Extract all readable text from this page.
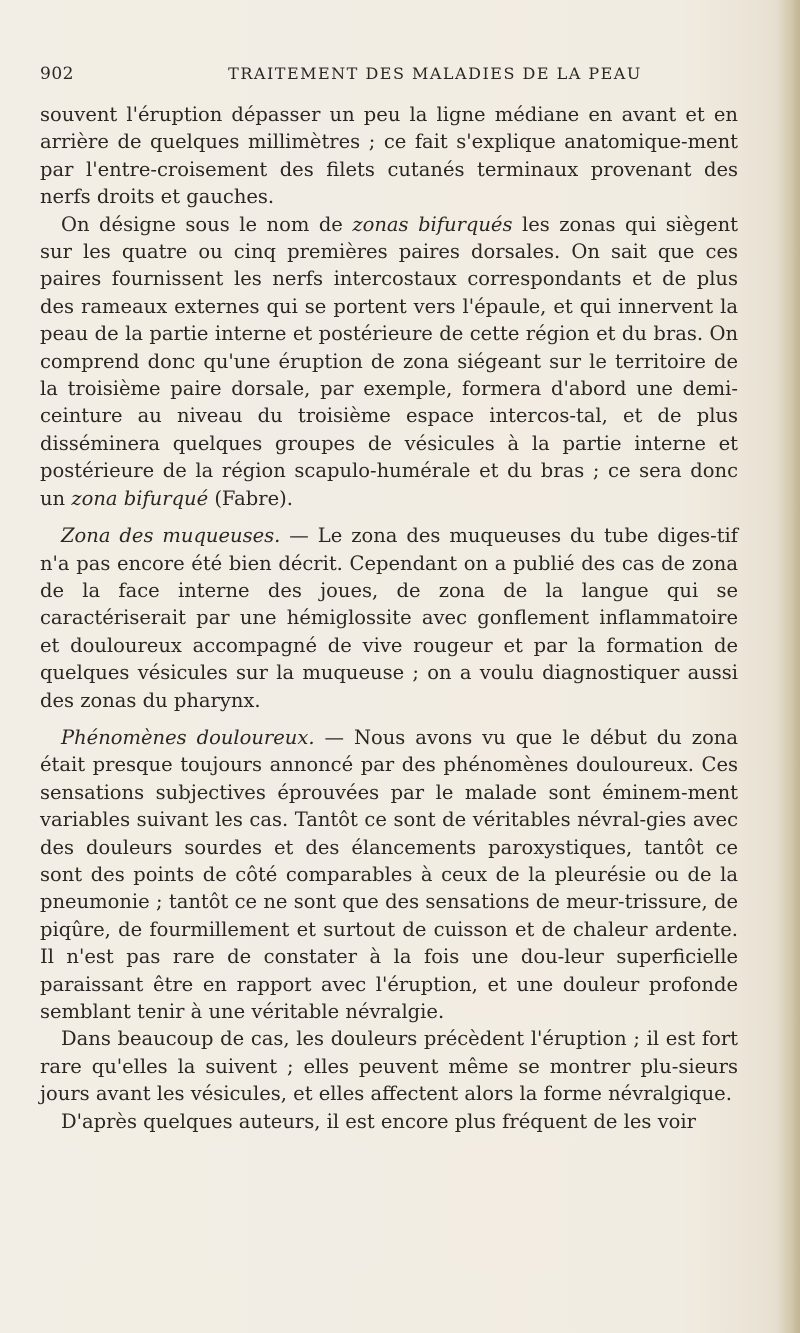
902	TRAITEMENT DES MALADIES DE LA PEAU

souvent l'éruption dépasser un peu la ligne médiane en avant et en arrière de quelques millimètres ; ce fait s'explique anatomique-ment par l'entre-croisement des filets cutanés terminaux provenant des nerfs droits et gauches.

On désigne sous le nom de zonas bifurqués les zonas qui siègent sur les quatre ou cinq premières paires dorsales. On sait que ces paires fournissent les nerfs intercostaux correspondants et de plus des rameaux externes qui se portent vers l'épaule, et qui innervent la peau de la partie interne et postérieure de cette région et du bras. On comprend donc qu'une éruption de zona siégeant sur le territoire de la troisième paire dorsale, par exemple, formera d'abord une demi-ceinture au niveau du troisième espace intercos-tal, et de plus disséminera quelques groupes de vésicules à la partie interne et postérieure de la région scapulo-humérale et du bras ; ce sera donc un zona bifurqué (Fabre).

Zona des muqueuses. — Le zona des muqueuses du tube diges-tif n'a pas encore été bien décrit. Cependant on a publié des cas de zona de la face interne des joues, de zona de la langue qui se caractériserait par une hémiglossite avec gonflement inflammatoire et douloureux accompagné de vive rougeur et par la formation de quelques vésicules sur la muqueuse ; on a voulu diagnostiquer aussi des zonas du pharynx.

Phénomènes douloureux. — Nous avons vu que le début du zona était presque toujours annoncé par des phénomènes douloureux. Ces sensations subjectives éprouvées par le malade sont éminem-ment variables suivant les cas. Tantôt ce sont de véritables névral-gies avec des douleurs sourdes et des élancements paroxystiques, tantôt ce sont des points de côté comparables à ceux de la pleurésie ou de la pneumonie ; tantôt ce ne sont que des sensations de meur-trissure, de piqûre, de fourmillement et surtout de cuisson et de chaleur ardente. Il n'est pas rare de constater à la fois une dou-leur superficielle paraissant être en rapport avec l'éruption, et une douleur profonde semblant tenir à une véritable névralgie.

Dans beaucoup de cas, les douleurs précèdent l'éruption ; il est fort rare qu'elles la suivent ; elles peuvent même se montrer plu-sieurs jours avant les vésicules, et elles affectent alors la forme névralgique.

D'après quelques auteurs, il est encore plus fréquent de les voir
